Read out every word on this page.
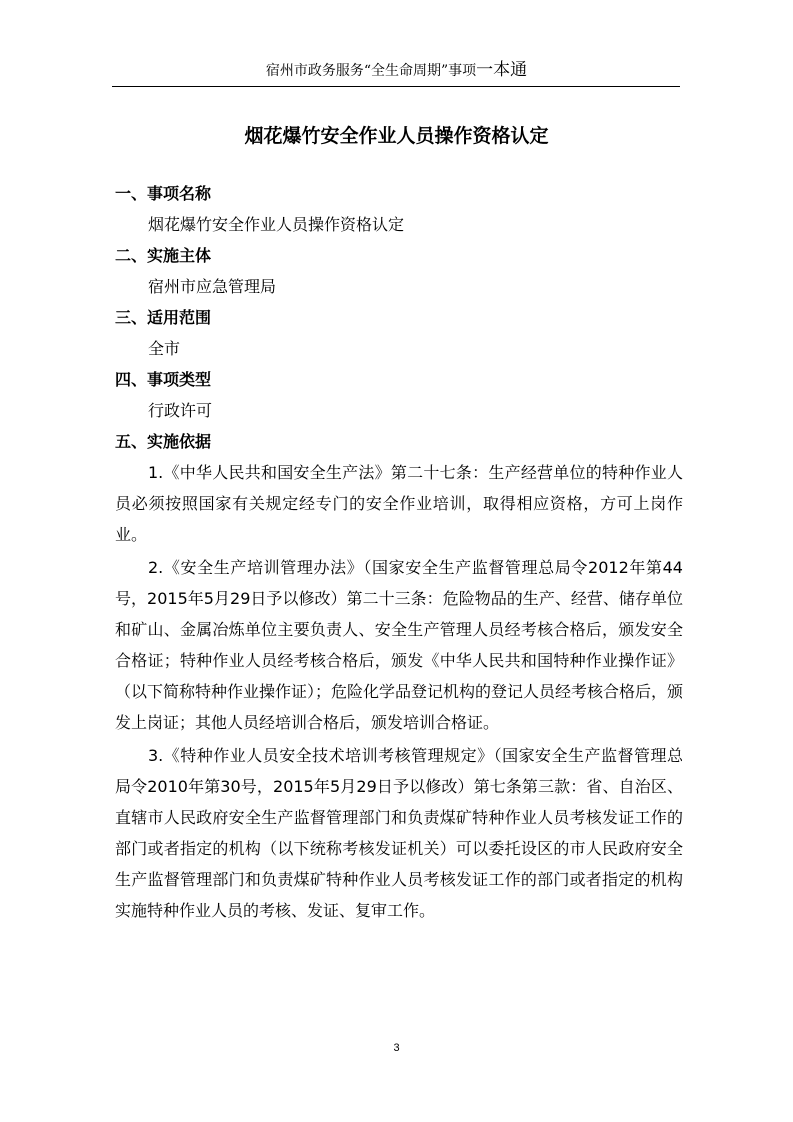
宿州市政务服务“全生命周期”事项一本通
烟花爆竹安全作业人员操作资格认定
一、事项名称
烟花爆竹安全作业人员操作资格认定
二、实施主体
宿州市应急管理局
三、适用范围
全市
四、事项类型
行政许可
五、实施依据
1.《中华人民共和国安全生产法》第二十七条：生产经营单位的特种作业人员必须按照国家有关规定经专门的安全作业培训，取得相应资格，方可上岗作业。
2.《安全生产培训管理办法》（国家安全生产监督管理总局令2012年第44号，2015年5月29日予以修改）第二十三条：危险物品的生产、经营、储存单位和矿山、金属冶炼单位主要负责人、安全生产管理人员经考核合格后，颁发安全合格证；特种作业人员经考核合格后，颁发《中华人民共和国特种作业操作证》（以下简称特种作业操作证）；危险化学品登记机构的登记人员经考核合格后，颁发上岗证；其他人员经培训合格后，颁发培训合格证。
3.《特种作业人员安全技术培训考核管理规定》（国家安全生产监督管理总局令2010年第30号，2015年5月29日予以修改）第七条第三款：省、自治区、直辖市人民政府安全生产监督管理部门和负责煤矿特种作业人员考核发证工作的部门或者指定的机构（以下统称考核发证机关）可以委托设区的市人民政府安全生产监督管理部门和负责煤矿特种作业人员考核发证工作的部门或者指定的机构实施特种作业人员的考核、发证、复审工作。
3
